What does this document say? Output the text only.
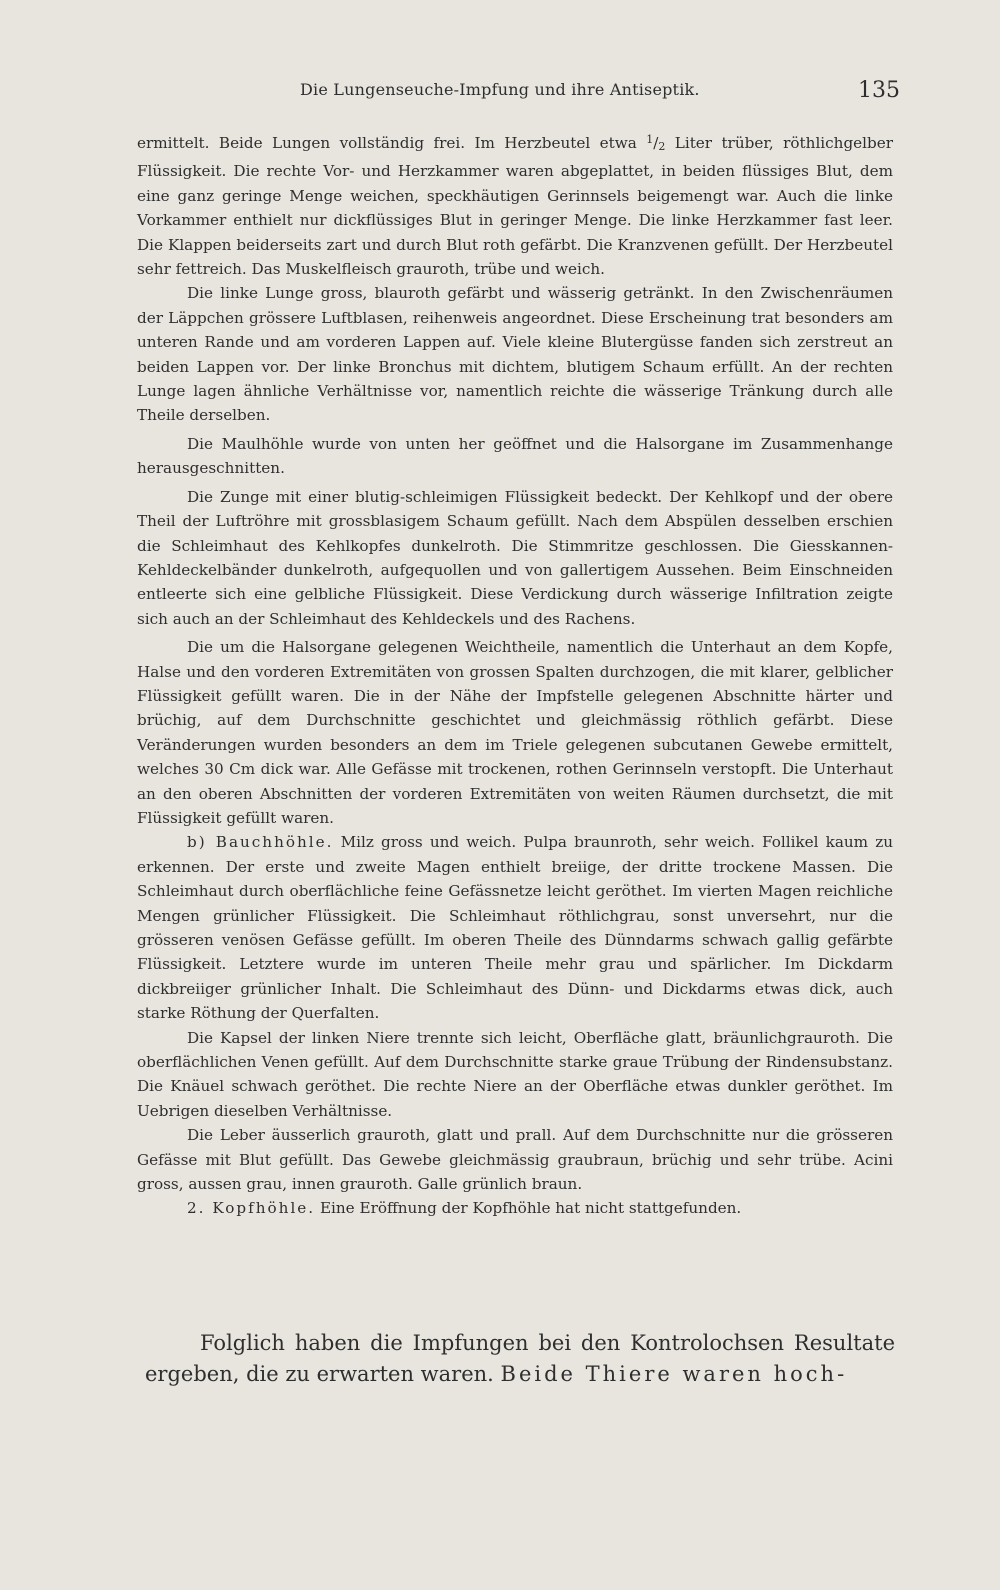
Die Lungenseuche-Impfung und ihre Antiseptik.	135

ermittelt. Beide Lungen vollständig frei. Im Herzbeutel etwa $^1$/2 Liter trüber, röthlichgelber Flüssigkeit. Die rechte Vor- und Herzkammer waren abgeplattet, in beiden flüssiges Blut, dem eine ganz geringe Menge weichen, speckhäutigen Gerinnsels beigemengt war. Auch die linke Vorkammer enthielt nur dickflüssiges Blut in geringer Menge. Die linke Herzkammer fast leer. Die Klappen beiderseits zart und durch Blut roth gefärbt. Die Kranzvenen gefüllt. Der Herzbeutel sehr fettreich. Das Muskelfleisch grauroth, trübe und weich.

Die linke Lunge gross, blauroth gefärbt und wässerig getränkt. In den Zwischenräumen der Läppchen grössere Luftblasen, reihenweis angeordnet. Diese Erscheinung trat besonders am unteren Rande und am vorderen Lappen auf. Viele kleine Blutergüsse fanden sich zerstreut an beiden Lappen vor. Der linke Bronchus mit dichtem, blutigem Schaum erfüllt. An der rechten Lunge lagen ähnliche Verhältnisse vor, namentlich reichte die wässerige Tränkung durch alle Theile derselben.

Die Maulhöhle wurde von unten her geöffnet und die Halsorgane im Zusammenhange herausgeschnitten.

Die Zunge mit einer blutig-schleimigen Flüssigkeit bedeckt. Der Kehlkopf und der obere Theil der Luftröhre mit grossblasigem Schaum gefüllt. Nach dem Abspülen desselben erschien die Schleimhaut des Kehlkopfes dunkelroth. Die Stimmritze geschlossen. Die Giesskannen-Kehldeckelbänder dunkelroth, aufgequollen und von gallertigem Aussehen. Beim Einschneiden entleerte sich eine gelbliche Flüssigkeit. Diese Verdickung durch wässerige Infiltration zeigte sich auch an der Schleimhaut des Kehldeckels und des Rachens.

Die um die Halsorgane gelegenen Weichtheile, namentlich die Unterhaut an dem Kopfe, Halse und den vorderen Extremitäten von grossen Spalten durchzogen, die mit klarer, gelblicher Flüssigkeit gefüllt waren. Die in der Nähe der Impfstelle gelegenen Abschnitte härter und brüchig, auf dem Durchschnitte geschichtet und gleichmässig röthlich gefärbt. Diese Veränderungen wurden besonders an dem im Triele gelegenen subcutanen Gewebe ermittelt, welches 30 Cm dick war. Alle Gefässe mit trockenen, rothen Gerinnseln verstopft. Die Unterhaut an den oberen Abschnitten der vorderen Extremitäten von weiten Räumen durchsetzt, die mit Flüssigkeit gefüllt waren.

b) Bauchhöhle. Milz gross und weich. Pulpa braunroth, sehr weich. Follikel kaum zu erkennen. Der erste und zweite Magen enthielt breiige, der dritte trockene Massen. Die Schleimhaut durch oberflächliche feine Gefässnetze leicht geröthet. Im vierten Magen reichliche Mengen grünlicher Flüssigkeit. Die Schleimhaut röthlichgrau, sonst unversehrt, nur die grösseren venösen Gefässe gefüllt. Im oberen Theile des Dünndarms schwach gallig gefärbte Flüssigkeit. Letztere wurde im unteren Theile mehr grau und spärlicher. Im Dickdarm dickbreiiger grünlicher Inhalt. Die Schleimhaut des Dünn- und Dickdarms etwas dick, auch starke Röthung der Querfalten.

Die Kapsel der linken Niere trennte sich leicht, Oberfläche glatt, bräunlichgrauroth. Die oberflächlichen Venen gefüllt. Auf dem Durchschnitte starke graue Trübung der Rindensubstanz. Die Knäuel schwach geröthet. Die rechte Niere an der Oberfläche etwas dunkler geröthet. Im Uebrigen dieselben Verhältnisse.

Die Leber äusserlich grauroth, glatt und prall. Auf dem Durchschnitte nur die grösseren Gefässe mit Blut gefüllt. Das Gewebe gleichmässig graubraun, brüchig und sehr trübe. Acini gross, aussen grau, innen grauroth. Galle grünlich braun.

2. Kopfhöhle. Eine Eröffnung der Kopfhöhle hat nicht stattgefunden.

Folglich haben die Impfungen bei den Kontrolochsen Resultate ergeben, die zu erwarten waren. Beide Thiere waren hoch-
